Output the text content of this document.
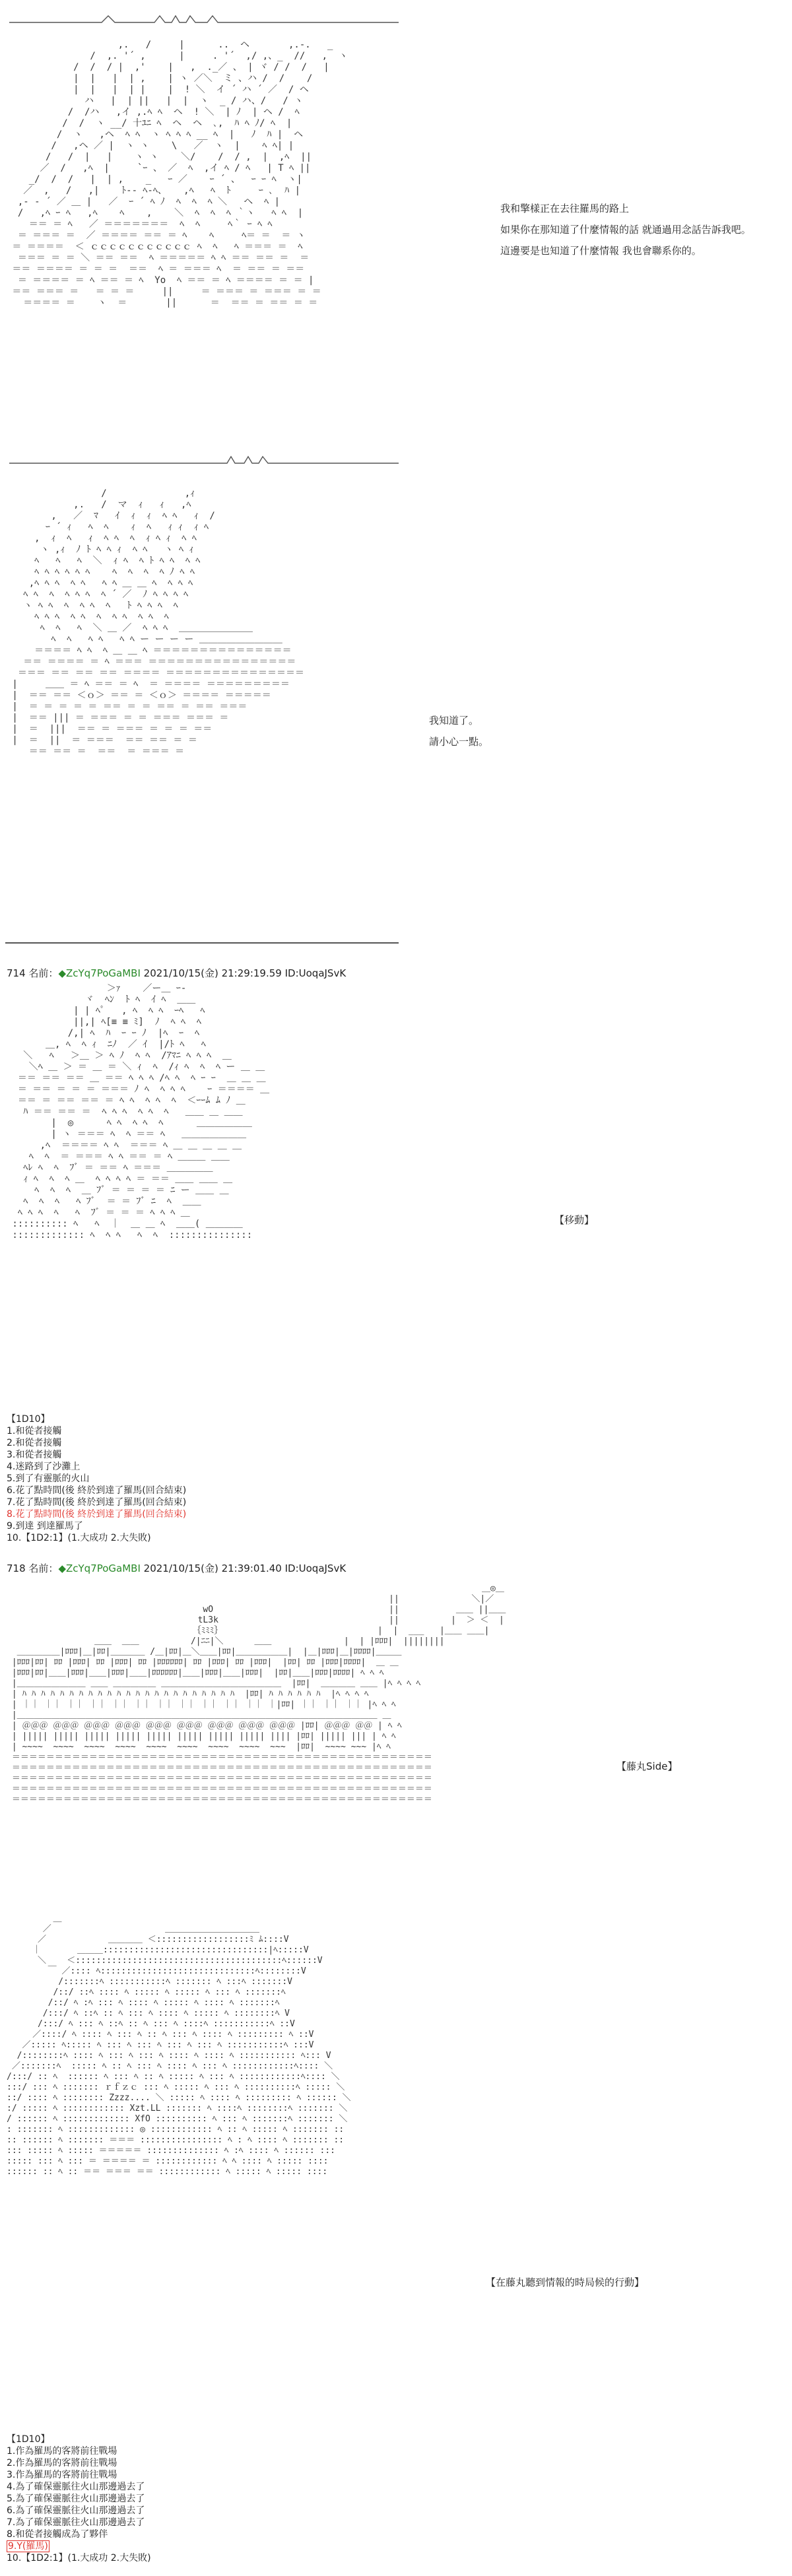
,.   /     |      ..  ヘ       ,.-.   _
/  ,. '´ ,      |     . '´  ,/ ,、_  //   ,  ヽ
/  /  / |  ,'    |   ,  ._／ 、 | ヾ / /  /   |
|  |   |  | ,    | ヽ ／＼  ミ 、ハ /  /    /
|  |   |  | |    |  ! ＼  イ ´ ハ ´ ／  / ヘ
ハ   |  | ||   |  |  ヽ  _ / ハ、/   / ヽ
/  /ハ   ,イ ,.ﾍ ﾍ  ヘ  ! ＼  | ﾉ  | ヘ /  ﾍ
/  /  ヽ __/ 十ﾕﾆ ﾍ  ヘ  ヘ  ､,  ﾊ ﾍ ﾉ/ ﾍ  |
/  ヽ   ,ヘ  ﾍ ﾍ  ヽ ﾍ ﾍ ﾍ __ ﾍ  |   ﾉ  ﾊ |  ヘ
/   ,ヘ ／ |  ヽ ヽ    \   ／  ヽ  |    ﾍ ﾍ| |
/   /  |   |    ヽ ヽ    ＼/    /  / ,  |  ,ﾍ  ||
／  /   ,ﾍ  |     `ｰ 、 ／  ﾍ  ,イ ﾍ / ﾍ   | T ﾍ ||
_/  /  /   |  | ,    _   ｰ ／    ｰ ´ 、  ｰ ｰ ﾍ  ヽ|
／  ,   /   ,|    ﾄ-- ﾍ-ﾍ、   ,ﾍ   ﾍ  ﾄ     ｰ ､  ﾊ |
,- ‐ ´ ／ ＿ |   ／  ｰ ´ ﾍ ﾉ  ﾍ  ﾍ  ﾍ ＼   ヘ  ﾍ |
/   ,ﾍ ｰ ﾍ   ,ﾍ    ﾍ    ,    ＼  ﾍ  ﾍ  ﾍ ｀ヽ   ﾍ ﾍ  |
＝＝ ＝ ﾍ   ／ ＝＝＝＝＝＝＝  ﾍ  ﾍ     ﾍ｀ ｰ ﾍ ﾍ
＝ ＝＝＝ ＝  ／ ＝＝＝＝ ＝＝ ＝ ﾍ    ﾍ     ﾍ＝ ＝  ＝ ヽ
＝ ＝＝＝＝  ＜ ｃｃｃｃｃｃｃｃｃｃｃ ﾍ  ﾍ   ﾍ ＝＝＝ ＝  ﾍ
＝＝＝ ＝ ＝ ＼ ＝＝ ＝＝  ﾍ ＝＝＝＝＝ ﾍ ﾍ ＝＝ ＝＝ ＝  ＝
＝＝ ＝＝＝＝ ＝ ＝ ＝  ＝＝  ﾍ ＝ ＝＝＝ ﾍ  ＝ ＝＝ ＝ ＝＝
＝ ＝＝＝＝ ＝ ﾍ ＝＝ ＝ ﾍ  Yo  ﾍ ＝＝ ＝ ﾍ ＝＝＝＝ ＝ ＝ |
＝＝ ＝＝＝ ＝   ＝ ＝ ＝     ||     ＝ ＝＝＝ ＝ ＝＝＝ ＝ ＝
＝＝＝＝ ＝    ヽ  ＝       ||      ＝  ＝＝ ＝ ＝＝ ＝ ＝

我和擎樣正在去往羅馬的路上
如果你在那知道了什麼情報的話 就通過用念話告訴我吧。
這邊要是也知道了什麼情報 我也會聯系你的。
/              ,ｨ
,.   /  マ  ｨ   ｨ   ,ﾍ
,   ／  ﾏ   ｲ  ｨ  ｨ  ﾍ ﾍ   ｨ  /
ｰ ´ ｨ   ﾍ  ﾍ    ｨ  ﾍ   ｨ ｨ  ｨ ﾍ
,  ｨ  ﾍ   ｨ  ﾍ ﾍ  ﾍ  ｨ ﾍ ｨ  ﾍ ﾍ
ヽ ,ｨ  ﾉ ﾄ ﾍ ﾍ ｨ  ﾍ ﾍ   ヽ ﾍ ｨ
ﾍ   ﾍ   ﾍ  ＼  ｨ ﾍ  ﾍ ﾄ ﾍ ﾍ  ﾍ ﾍ
ﾍ ﾍ ﾍ ﾍ ﾍ ﾍ    ﾍ  ﾍ  ﾍ  ﾍ ﾉ ﾍ ﾍ
,ﾍ ﾍ ﾍ  ﾍ ﾍ   ﾍ ﾍ ＿ ＿ ﾍ  ﾍ ﾍ ﾍ
ﾍ ﾍ  ﾍ  ﾍ ﾍ ﾍ  ﾍ ´ ／  ﾉ ﾍ ﾍ ﾍ ﾍ
ヽ ﾍ ﾍ  ﾍ  ﾍ ﾍ  ﾍ   ﾄ ﾍ ﾍ ﾍ  ﾍ
ﾍ ﾍ ﾍ  ﾍ ﾍ  ﾍ  ﾍ ﾍ  ﾍ ﾍ  ﾍ
ﾍ  ﾍ   ﾍ  ＼ ＿ ／  ﾍ ﾍ ﾍ  ＿＿＿＿＿＿＿＿
ﾍ  ﾍ   ﾍ ﾍ   ﾍ ﾍ ー ー ー ー ＿＿＿＿＿＿＿＿＿
＝＝＝＝ ﾍ ﾍ  ﾍ ＿ ＿ ﾍ ＝＝＝＝＝＝＝＝＝＝＝＝＝＝＝
＝＝ ＝＝＝＝ ＝ ﾍ ＝＝＝ ＝＝＝＝＝＝＝＝＝＝＝＝＝＝＝＝
＝＝＝ ＝＝ ＝＝ ＝＝ ＝＝＝＝ ＝＝＝＝＝＝＝＝＝＝＝＝＝＝＝
|     ＿＿ ＝ ﾍ ＝＝ ＝ ﾍ  ＝ ＝＝＝＝ ＝＝＝＝＝＝＝＝＝
|  ＝＝ ＝＝ ＜ｏ＞ ＝＝ ＝ ＜ｏ＞ ＝＝＝＝ ＝＝＝＝＝
|  ＝ ＝ ＝ ＝ ＝ ＝＝ ＝ ＝ ＝＝ ＝ ＝＝ ＝＝＝
|  ＝＝ ||| ＝ ＝＝＝ ＝ ＝ ＝＝＝ ＝＝＝ ＝
|  ＝  |||  ＝＝ ＝ ＝＝＝ ＝ ＝ ＝ ＝＝
|  ＝  ||  ＝ ＝＝＝  ＝＝ ＝＝ ＝ ＝
＝＝ ＝＝ ＝  ＝＝  ＝ ＝＝＝ ＝

我知道了。
請小心一點。
714 名前：◆ZcYq7PoGaMBI 2021/10/15(金) 21:29:19.59 ID:UoqaJSvK
＞ｧ    ／ー＿ ｰ-
ヾ  ﾍﾝ  ﾄ ﾍ  ｲ ﾍ  ＿＿
| | ﾍﾟ   , ﾍ  ﾍ ﾍ  ｰﾍ   ﾍ
||,| ﾍ[≡ ≡ ﾐ]  ﾉ  ﾍ ﾍ  ﾍ
/,| ﾍ  ﾊ  ｰ ｰ ﾉ  |ﾍ  ｰ  ﾍ
＿, ﾍ  ﾍ ｨ  ﾆﾉ  ／ ｲ  |/ﾄ ﾍ   ﾍ
＼   ﾍ   ＞＿ ＞ ﾍ ﾉ  ﾍ ﾍ  /ｱﾏﾆ ﾍ ﾍ ﾍ  ＿
＼ﾍ ＿ ＞ ＝ ＿ ＝ ＼ ｨ  ﾍ  /ｨ ﾍ  ﾍ  ﾍ ー ＿ ＿
＝＝ ＝＝ ＝＝ ＿ ＝＝ ﾍ ﾍ ﾍ /ﾍ ﾍ  ﾍ ｰ ｰ  ＿ ＿ ＿
＝ ＝＝ ＝ ＝ ＝ ＝＝＝ ﾉ ﾍ  ﾍ ﾍ ﾍ    ｰ ＝＝＝＝ ＿
＝＝ ＝ ＝＝ ＝＝ ＝ ﾍ ﾍ  ﾍ ﾍ  ﾍ  ＜ｰｰﾑ ﾑ ﾉ ＿
ﾊ ＝＝ ＝＝ ＝  ﾍ ﾍ ﾍ  ﾍ ﾍ  ﾍ   ＿＿ ＿ ＿＿
|  ◎      ﾍ ﾍ  ﾍ ﾍ  ﾍ      ＿＿＿＿＿＿
| ヽ ＝＝＝ ﾍ  ﾍ ＝＝ ﾍ   ＿＿＿＿＿＿＿
,ﾍ  ＝＝＝＝ ﾍ ﾍ  ＝＝＝ ﾍ ＿ ＿ ＿ ＿ ＿
ﾍ  ﾍ  ＝ ＝＝＝ ﾍ ﾍ ＝＝ ＝ ﾍ ＿＿＿ ＿＿
ﾍﾚ ﾍ  ﾍ  ﾌﾞ ＝ ＝＝ ﾍ ＝＝＝ ＿＿＿＿＿
ｨ ﾍ  ﾍ  ﾍ ＿  ﾍ ﾍ ﾍ ﾍ ＝ ＝＝ ＿＿ ＿＿ ＿
ﾍ  ﾍ  ﾍ  ＿ ﾌﾞ ＝ ＝ ＝ ＝ ﾆ ー ＿＿ ＿
ﾍ  ﾍ  ﾍ   ﾍ ﾌﾞ  ＝ ＝ ﾌﾞ ﾆ  ﾍ  ＿＿
ﾍ ﾍ ﾍ  ﾍ   ﾍ  ﾌﾞ ＝ ＝ ＝ ﾍ ﾍ ﾍ ＿
:::::::::: ﾍ   ﾍ  ｜  ＿ ＿ ﾍ  ＿＿( ＿＿＿＿
::::::::::::: ﾍ  ﾍ ﾍ   ﾍ  ﾍ  :::::::::::::::

【移動】
【1D10】
1.和從者接觸
2.和從者接觸
3.和從者接觸
4.迷路到了沙灘上
5.到了有靈脈的火山
6.花了點時間(後 終於到達了羅馬(回合結束)
7.花了點時間(後 終於到達了羅馬(回合結束)
8.花了點時間(後 終於到達了羅馬(回合結束)
9.到達 到達羅馬了
10.【1D2:1】(1.大成功 2.大失敗)
718 名前：◆ZcYq7PoGaMBI 2021/10/15(金) 21:39:01.40 ID:UoqaJSvK
＿◎＿
||              ＼|／
wO                                  ||           ＿＿ ||＿＿
tL3k                                 ||          |  ＞ ＜  |
｛ﾐﾐﾐ｝                              |  |  ___   |＿＿ ＿＿|
＿＿  ＿＿          /|ﾆﾆ|＼      ＿＿              |  | |ﾛﾛﾛ|  ||||||||
＿＿＿＿＿|ﾛﾛﾛ|＿|ﾛﾛ|＿＿＿＿ /＿|ﾛﾛ|＿＼＿＿|ﾛﾛ|＿＿＿＿＿＿|  |＿|ﾛﾛﾛ|＿|ﾛﾛﾛﾛ|＿＿＿
|ﾛﾛﾛ|ﾛﾛ| ﾛﾛ |ﾛﾛﾛ| ﾛﾛ |ﾛﾛﾛ| ﾛﾛ |ﾛﾛﾛﾛﾛﾛ| ﾛﾛ |ﾛﾛﾛ| ﾛﾛ |ﾛﾛﾛ|  |ﾛﾛ| ﾛﾛ |ﾛﾛﾛ|ﾛﾛﾛﾛ|  ＿ ＿
|ﾛﾛﾛ|ﾛﾛ|＿＿|ﾛﾛﾛ|＿＿|ﾛﾛﾛ|＿＿|ﾛﾛﾛﾛﾛﾛ|＿＿|ﾛﾛﾛ|＿＿|ﾛﾛﾛ|  |ﾛﾛ|＿＿|ﾛﾛﾛ|ﾛﾛﾛﾛ| ﾍ ﾍ ﾍ
|＿＿＿＿＿＿＿＿ ＿＿ ＿＿＿＿＿ ＿＿＿＿＿＿＿＿＿＿＿＿＿＿  |ﾛﾛ|  ＿＿＿＿ ＿＿ |ﾍ ﾍ ﾍ ﾍ
| ﾊ ﾊ ﾊ ﾊ ﾊ ﾊ ﾊ ﾊ ﾊ ﾊ ﾊ ﾊ ﾊ ﾊ ﾊ ﾊ ﾊ ﾊ ﾊ ﾊ ﾊ ﾊ ﾊ  |ﾛﾛ| ﾊ ﾊ ﾊ ﾊ ﾊ ﾊ  |ﾍ ﾍ ﾍ ﾍ
| ｜｜ ｜｜ ｜｜ ｜｜ ｜｜ ｜｜ ｜｜ ｜｜ ｜｜ ｜｜ ｜｜ ｜|ﾛﾛ| ｜｜ ｜｜ ｜｜ |ﾍ ﾍ ﾍ
|＿＿＿＿＿＿＿＿＿＿＿＿＿＿＿＿＿＿＿＿＿＿＿＿＿＿＿＿＿＿＿＿＿＿＿＿＿＿＿＿＿＿ ＿
| ＠＠＠ ＠＠＠ ＠＠＠ ＠＠＠ ＠＠＠ ＠＠＠ ＠＠＠ ＠＠＠ ＠＠＠ |ﾛﾛ| ＠＠＠ ＠＠ | ﾍ ﾍ
| ||||| ||||| ||||| ||||| ||||| ||||| ||||| ||||| |||| |ﾛﾛ| ||||| ||| | ﾍ ﾍ
| ~~~~  ~~~~  ~~~~  ~~~~  ~~~~  ~~~~  ~~~~  ~~~~  ~~~  |ﾛﾛ|  ~~~~ ~~~ |ﾍ ﾍ
＝＝＝＝＝＝＝＝＝＝＝＝＝＝＝＝＝＝＝＝＝＝＝＝＝＝＝＝＝＝＝＝＝＝＝＝＝＝＝＝＝＝＝＝＝＝＝＝＝
＝＝＝＝＝＝＝＝＝＝＝＝＝＝＝＝＝＝＝＝＝＝＝＝＝＝＝＝＝＝＝＝＝＝＝＝＝＝＝＝＝＝＝＝＝＝＝＝＝
＝＝＝＝＝＝＝＝＝＝＝＝＝＝＝＝＝＝＝＝＝＝＝＝＝＝＝＝＝＝＝＝＝＝＝＝＝＝＝＝＝＝＝＝＝＝＝＝＝
＝＝＝＝＝＝＝＝＝＝＝＝＝＝＝＝＝＝＝＝＝＝＝＝＝＝＝＝＝＝＝＝＝＝＝＝＝＝＝＝＝＝＝＝＝＝＝＝＝
＝＝＝＝＝＝＝＝＝＝＝＝＝＝＝＝＝＝＝＝＝＝＝＝＝＝＝＝＝＝＝＝＝＝＝＝＝＝＝＝＝＝＝＝＝＝＝＝＝

【藤丸Side】
＿
／                      ＿＿＿＿＿＿＿＿＿＿＿
／            ＿＿＿＿ ＜::::::::::::::::::ﾐ ﾑ::::V
｜       ＿＿＿::::::::::::::::::::::::::::::::|ﾍ:::::V
＼    ＜::::::::::::::::::::::::::::::::::::::::ﾍ::::::V
￣ ／:::: ﾍ::::::::::::::::::::::::::::::ﾍ::::::::V
/:::::::ﾍ :::::::::::ﾍ ::::::: ﾍ :::ﾍ :::::::V
/::/ ::ﾍ :::: ﾍ ::::: ﾍ ::::: ﾍ ::: ﾍ :::::::ﾍ
/::/ ﾍ :ﾍ ::: ﾍ :::: ﾍ ::::: ﾍ :::: ﾍ :::::::ﾍ
/:::/ ﾍ ::ﾍ :: ﾍ ::: ﾍ :::: ﾍ ::::: ﾍ ::::::::ﾍ V
/:::/ ﾍ ::: ﾍ ::ﾍ :: ﾍ ::: ﾍ ::::ﾍ :::::::::::ﾍ ::V
／::::/ ﾍ :::: ﾍ ::: ﾍ :: ﾍ ::: ﾍ :::: ﾍ ::::::::: ﾍ ::V
／::::: ﾍ::::: ﾍ ::: ﾍ ::: ﾍ ::: ﾍ ::: ﾍ :::::::::::ﾍ :::V
/::::::::ﾍ :::: ﾍ ::: ﾍ ::: ﾍ :::: ﾍ :::: ﾍ ::::::::::: ﾍ::: V
／:::::::ﾍ  ::::: ﾍ :: ﾍ ::: ﾍ :::: ﾍ ::: ﾍ ::::::::::::ﾍ:::: ＼
/:::/ :: ﾍ  :::::: ﾍ ::: ﾍ :: ﾍ ::::: ﾍ ::: ﾍ ::::::::::::ﾍ:::: ＼
:::/ ::: ﾍ ::::::: ｒｆｚｃ ::: ﾍ ::::: ﾍ ::: ﾍ ::::::::::ﾍ ::::: ＼
::/ :::: ﾍ :::::::: Zzzz.... ＼ ::::: ﾍ :::: ﾍ ::::::::: ﾍ :::::: ＼
:/ ::::: ﾍ :::::::::::: Xzt.LL ::::::: ﾍ ::::ﾍ ::::::::ﾍ ::::::: ＼
/ :::::: ﾍ ::::::::::::: XfO :::::::::: ﾍ ::: ﾍ :::::::ﾍ ::::::: ＼
: ::::::: ﾍ ::::::::::::: ◎ :::::::::::: ﾍ :: ﾍ ::::: ﾍ ::::::: ::
:: :::::: ﾍ ::::::: ＝＝＝ :::::::::::::::: ﾍ : ﾍ :::: ﾍ ::::::: ::
::: ::::: ﾍ ::::: ＝＝＝＝＝ :::::::::::::: ﾍ :ﾍ :::: ﾍ :::::: :::
::::: ::: ﾍ ::: ＝ ＝＝＝＝ ＝ :::::::::::: ﾍ ﾍ :::: ﾍ ::::: ::::
:::::: :: ﾍ :: ＝＝ ＝＝＝ ＝＝ :::::::::::: ﾍ ::::: ﾍ ::::: ::::

【在藤丸聽到情報的時局候的行動】
【1D10】
1.作為羅馬的客將前往戰場
2.作為羅馬的客將前往戰場
3.作為羅馬的客將前往戰場
4.為了確保靈脈往火山那邊過去了
5.為了確保靈脈往火山那邊過去了
6.為了確保靈脈往火山那邊過去了
7.為了確保靈脈往火山那邊過去了
8.和從者接觸成為了夥伴
9.Y(羅馬)
10.【1D2:1】(1.大成功 2.大失敗)
